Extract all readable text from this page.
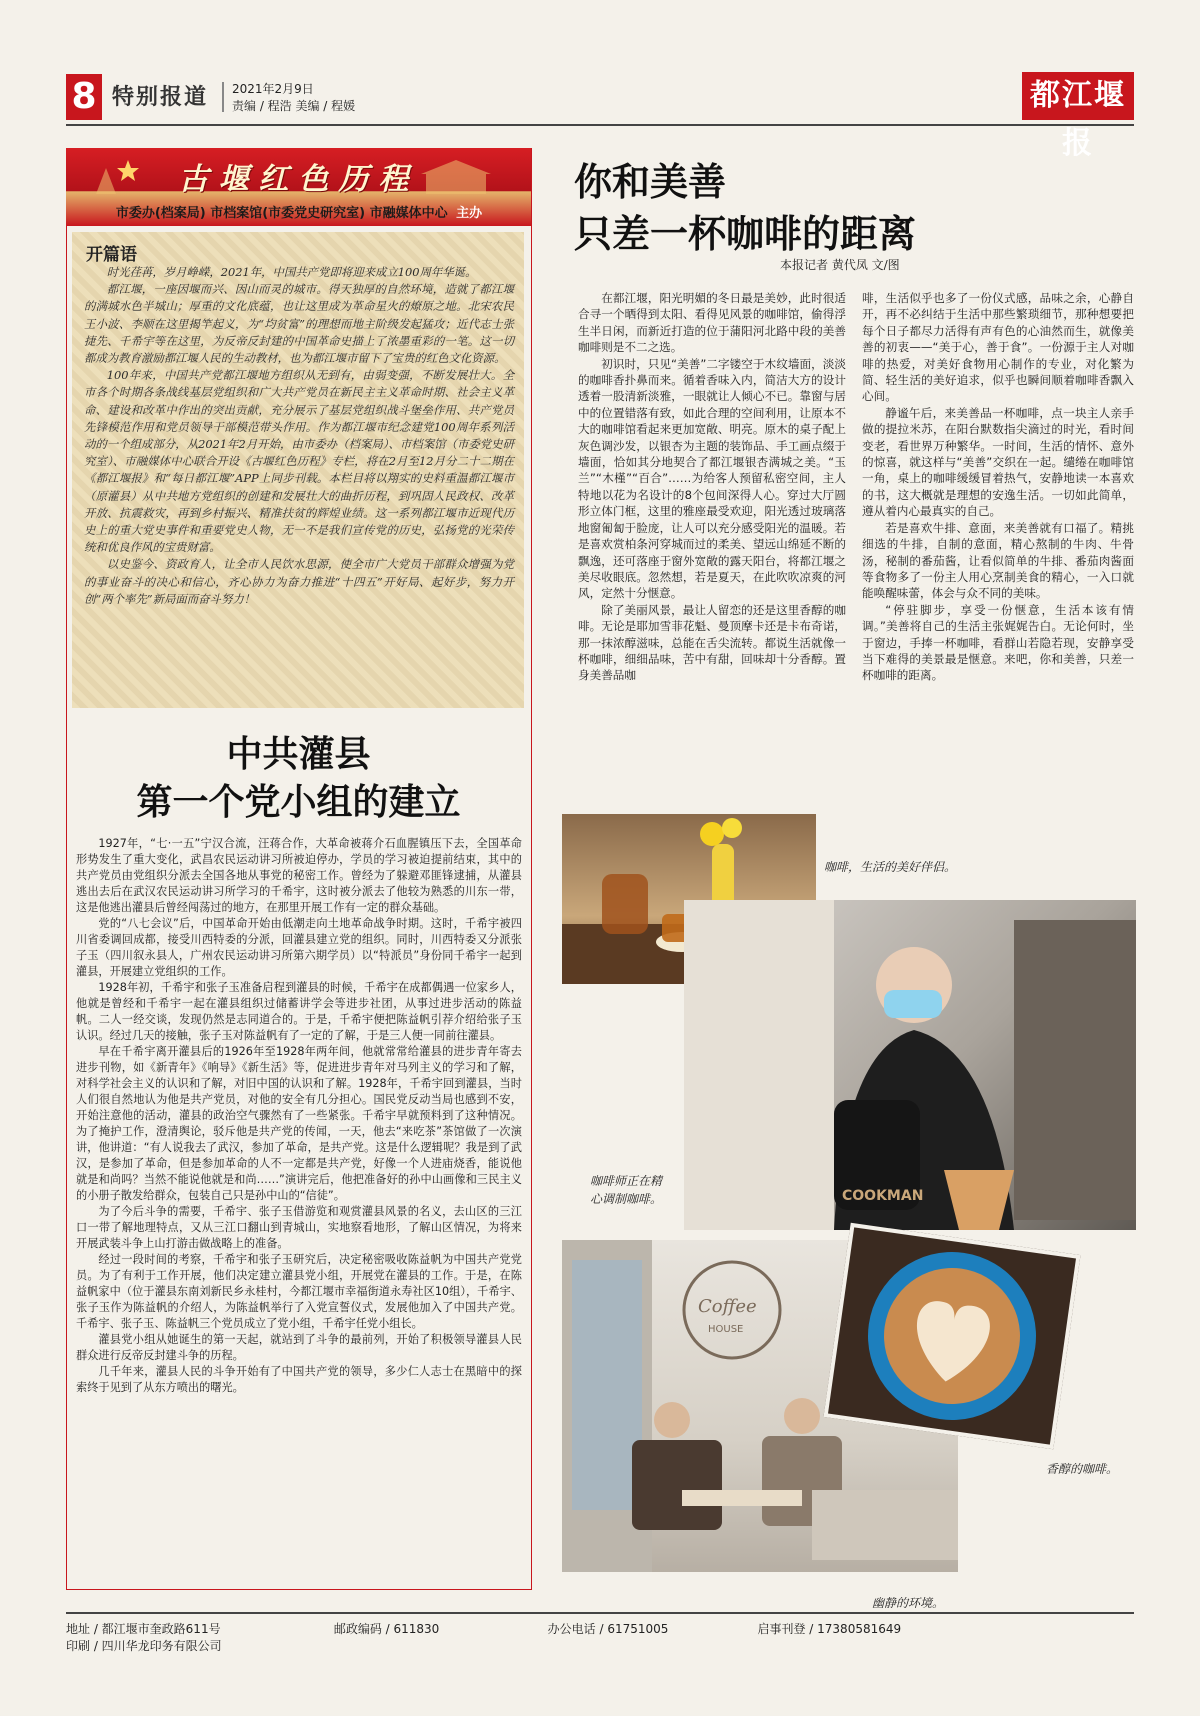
8 特别报道 2021年2月9日
责编 / 程浩 美编 / 程媛	都江堰报
古堰红色历程
市委办(档案局) 市档案馆(市委党史研究室) 市融媒体中心 主办
开篇语

时光荏苒，岁月峥嵘，2021年，中国共产党即将迎来成立100周年华诞。

都江堰，一座因堰而兴、因山而灵的城市。得天独厚的自然环境，造就了都江堰的满城水色半城山；厚重的文化底蕴，也让这里成为革命星火的燎原之地。北宋农民王小波、李顺在这里揭竿起义，为“均贫富”的理想而地主阶级发起猛攻；近代志士张捷先、千希宇等在这里，为反帝反封建的中国革命史描上了浓墨重彩的一笔。这一切都成为教育激励都江堰人民的生动教材，也为都江堰市留下了宝贵的红色文化资源。

100年来，中国共产党都江堰地方组织从无到有，由弱变强，不断发展壮大。全市各个时期各条战线基层党组织和广大共产党员在新民主主义革命时期、社会主义革命、建设和改革中作出的突出贡献，充分展示了基层党组织战斗堡垒作用、共产党员先锋模范作用和党员领导干部模范带头作用。作为都江堰市纪念建党100周年系列活动的一个组成部分，从2021年2月开始，由市委办（档案局）、市档案馆（市委党史研究室）、市融媒体中心联合开设《古堰红色历程》专栏，将在2月至12月分二十二期在《都江堰报》和“每日都江堰”APP上同步刊载。本栏目将以翔实的史料重温都江堰市（原灌县）从中共地方党组织的创建和发展壮大的曲折历程，到巩固人民政权、改革开放、抗震救灾，再到乡村振兴、精准扶贫的辉煌业绩。这一系列都江堰市近现代历史上的重大党史事件和重要党史人物，无一不是我们宣传党的历史，弘扬党的光荣传统和优良作风的宝贵财富。

以史鉴今、资政育人，让全市人民饮水思源，使全市广大党员干部群众增强为党的事业奋斗的决心和信心，齐心协力为奋力推进“十四五”开好局、起好步，努力开创“两个率先”新局面而奋斗努力！

中共灌县
第一个党小组的建立

1927年，“七·一五”宁汉合流，汪蒋合作，大革命被蒋介石血腥镇压下去，全国革命形势发生了重大变化，武昌农民运动讲习所被迫停办，学员的学习被迫提前结束，其中的共产党员由党组织分派去全国各地从事党的秘密工作。曾经为了躲避邓匪锋逮捕，从灌县逃出去后在武汉农民运动讲习所学习的千希宇，这时被分派去了他较为熟悉的川东一带，这是他逃出灌县后曾经闯荡过的地方，在那里开展工作有一定的群众基础。

党的“八七会议”后，中国革命开始由低潮走向土地革命战争时期。这时，千希宇被四川省委调回成都，接受川西特委的分派，回灌县建立党的组织。同时，川西特委又分派张子玉（四川叙永县人，广州农民运动讲习所第六期学员）以“特派员”身份同千希宇一起到灌县，开展建立党组织的工作。

1928年初，千希宇和张子玉准备启程到灌县的时候，千希宇在成都偶遇一位家乡人，他就是曾经和千希宇一起在灌县组织过储蓄讲学会等进步社团，从事过进步活动的陈益帆。二人一经交谈，发现仍然是志同道合的。于是，千希宇便把陈益帆引荐介绍给张子玉认识。经过几天的接触，张子玉对陈益帆有了一定的了解，于是三人便一同前往灌县。

早在千希宇离开灌县后的1926年至1928年两年间，他就常常给灌县的进步青年寄去进步刊物，如《新青年》《响导》《新生活》等，促进进步青年对马列主义的学习和了解，对科学社会主义的认识和了解，对旧中国的认识和了解。1928年，千希宇回到灌县，当时人们很自然地认为他是共产党员，对他的安全有几分担心。国民党反动当局也感到不安，开始注意他的活动，灌县的政治空气骤然有了一些紧张。千希宇早就预料到了这种情况。为了掩护工作，澄清舆论，驳斥他是共产党的传闻，一天，他去“来吃茶”茶馆做了一次演讲，他讲道：“有人说我去了武汉，参加了革命，是共产党。这是什么逻辑呢？我是到了武汉，是参加了革命，但是参加革命的人不一定都是共产党，好像一个人进庙烧香，能说他就是和尚吗？当然不能说他就是和尚……”演讲完后，他把准备好的孙中山画像和三民主义的小册子散发给群众，包装自己只是孙中山的“信徒”。

为了今后斗争的需要，千希宇、张子玉借游览和观赏灌县风景的名义，去山区的三江口一带了解地理特点，又从三江口翻山到青城山，实地察看地形，了解山区情况，为将来开展武装斗争上山打游击做战略上的准备。

经过一段时间的考察，千希宇和张子玉研究后，决定秘密吸收陈益帆为中国共产党党员。为了有利于工作开展，他们决定建立灌县党小组，开展党在灌县的工作。于是，在陈益帆家中（位于灌县东南刘新民乡永桂村，今都江堰市幸福街道永寿社区10组），千希宇、张子玉作为陈益帆的介绍人，为陈益帆举行了入党宣誓仪式，发展他加入了中国共产党。千希宇、张子玉、陈益帆三个党员成立了党小组，千希宇任党小组长。

灌县党小组从她诞生的第一天起，就站到了斗争的最前列，开始了积极领导灌县人民群众进行反帝反封建斗争的历程。

几千年来，灌县人民的斗争开始有了中国共产党的领导，多少仁人志士在黑暗中的探索终于见到了从东方喷出的曙光。

你和美善
只差一杯咖啡的距离
本报记者 黄代凤 文/图

在都江堰，阳光明媚的冬日最是美妙，此时很适合寻一个晒得到太阳、看得见风景的咖啡馆，偷得浮生半日闲，而新近打造的位于蒲阳河北路中段的美善咖啡则是不二之选。

初识时，只见“美善”二字镂空于木纹墙面，淡淡的咖啡香扑鼻而来。循着香味入内，简洁大方的设计透着一股清新淡雅，一眼就让人倾心不已。靠窗与居中的位置错落有致，如此合理的空间利用，让原本不大的咖啡馆看起来更加宽敞、明亮。原木的桌子配上灰色调沙发，以银杏为主题的装饰品、手工画点缀于墙面，恰如其分地契合了都江堰银杏满城之美。“玉兰”“木槿”“百合”……为给客人预留私密空间，主人特地以花为名设计的8个包间深得人心。穿过大厅圆形立体门框，这里的雅座最受欢迎，阳光透过玻璃落地窗匍匐于脸庞，让人可以充分感受阳光的温暖。若是喜欢赏柏条河穿城而过的柔美、望远山绵延不断的飘逸，还可落座于窗外宽敞的露天阳台，将都江堰之美尽收眼底。忽然想，若是夏天，在此吹吹凉爽的河风，定然十分惬意。

除了美丽风景，最让人留恋的还是这里香醇的咖啡。无论是耶加雪菲花魁、曼顶摩卡还是卡布奇诺，那一抹浓醇滋味，总能在舌尖流转。都说生活就像一杯咖啡，细细品味，苦中有甜，回味却十分香醇。置身美善品咖

啡，生活似乎也多了一份仪式感，品味之余，心静自开，再不必纠结于生活中那些繁琐细节，那种想要把每个日子都尽力活得有声有色的心油然而生，就像美善的初衷——“美于心，善于食”。一份源于主人对咖啡的热爱，对美好食物用心制作的专业，对化繁为简、轻生活的美好追求，似乎也瞬间顺着咖啡香飘入心间。

静谧午后，来美善品一杯咖啡，点一块主人亲手做的提拉米苏，在阳台默数指尖滴过的时光，看时间变老，看世界万种繁华。一时间，生活的情怀、意外的惊喜，就这样与“美善”交织在一起。缱绻在咖啡馆一角，桌上的咖啡缓缓冒着热气，安静地读一本喜欢的书，这大概就是理想的安逸生活。一切如此简单，遵从着内心最真实的自己。

若是喜欢牛排、意面，来美善就有口福了。精挑细选的牛排，自制的意面，精心熬制的牛肉、牛骨汤，秘制的番茄酱，让看似简单的牛排、番茄肉酱面等食物多了一份主人用心烹制美食的精心，一入口就能唤醒味蕾，体会与众不同的美味。

“停驻脚步，享受一份惬意，生活本该有情调。”美善将自己的生活主张娓娓告白。无论何时，坐于窗边，手捧一杯咖啡，看群山若隐若现，安静享受当下难得的美景最是惬意。来吧，你和美善，只差一杯咖啡的距离。

咖啡，生活的美好伴侣。
COOKMAN
咖啡师正在精
心调制咖啡。
Coffee
HOUSE
幽静的环境。
香醇的咖啡。
地址 / 都江堰市奎政路611号	邮政编码 / 611830	办公电话 / 61751005	启事刊登 / 17380581649 印刷 / 四川华龙印务有限公司
